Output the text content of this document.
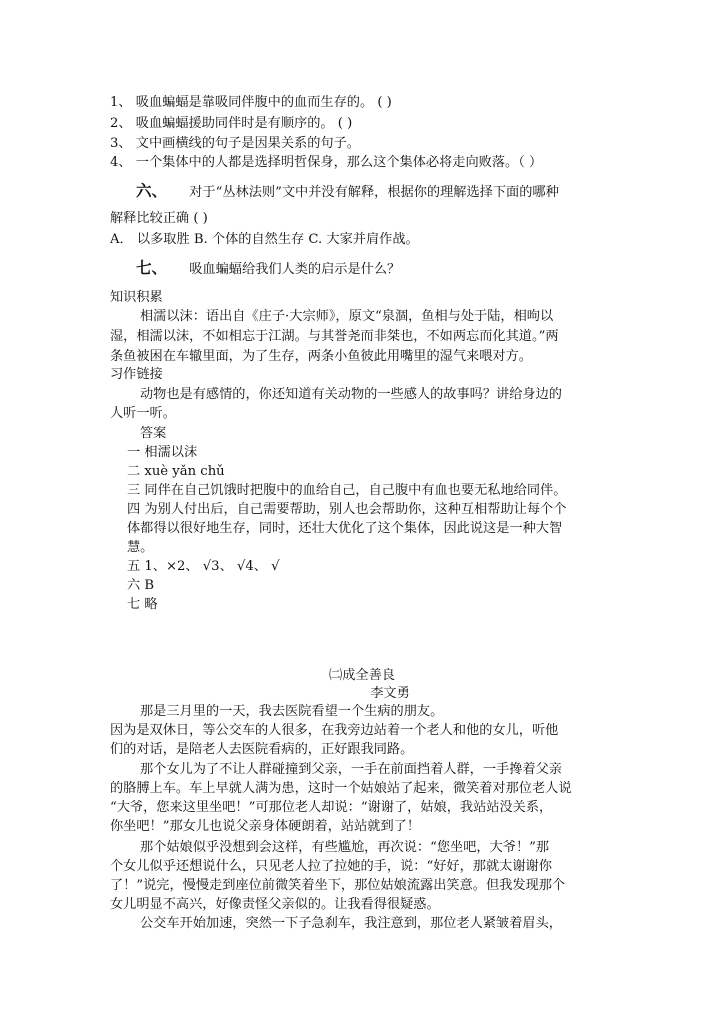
1、 吸血蝙蝠是靠吸同伴腹中的血而生存的。 ( )
2、 吸血蝙蝠援助同伴时是有顺序的。 ( )
3、 文中画横线的句子是因果关系的句子。
4、 一个集体中的人都是选择明哲保身，那么这个集体必将走向败落。（ ）
六、 对于“丛林法则”文中并没有解释，根据你的理解选择下面的哪种
解释比较正确 ( )
A． 以多取胜 B. 个体的自然生存 C. 大家并肩作战。
七、 吸血蝙蝠给我们人类的启示是什么？
知识积累
相濡以沫：语出自《庄子·大宗师》，原文“泉涸，鱼相与处于陆，相呴以
湿，相濡以沫，不如相忘于江湖。与其誉尧而非桀也，不如两忘而化其道。”两
条鱼被困在车辙里面，为了生存，两条小鱼彼此用嘴里的湿气来喂对方。
习作链接
动物也是有感情的，你还知道有关动物的一些感人的故事吗？讲给身边的
人听一听。
答案
一 相濡以沫
二 xuè yǎn chǔ
三 同伴在自己饥饿时把腹中的血给自己，自己腹中有血也要无私地给同伴。
四 为别人付出后，自己需要帮助，别人也会帮助你，这种互相帮助让每个个
体都得以很好地生存，同时，还壮大优化了这个集体，因此说这是一种大智
慧。
五 1、×2、 √3、 √4、 √
六 B
七 略
㈡成全善良
李文勇
那是三月里的一天，我去医院看望一个生病的朋友。
因为是双休日，等公交车的人很多，在我旁边站着一个老人和他的女儿，听他
们的对话，是陪老人去医院看病的，正好跟我同路。
那个女儿为了不让人群碰撞到父亲，一手在前面挡着人群，一手搀着父亲
的胳膊上车。车上早就人满为患，这时一个姑娘站了起来，微笑着对那位老人说
“大爷，您来这里坐吧！”可那位老人却说：“谢谢了，姑娘，我站站没关系，
你坐吧！”那女儿也说父亲身体硬朗着，站站就到了！
那个姑娘似乎没想到会这样，有些尴尬，再次说：“您坐吧，大爷！”那
个女儿似乎还想说什么，只见老人拉了拉她的手，说：“好好，那就太谢谢你
了！”说完，慢慢走到座位前微笑着坐下，那位姑娘流露出笑意。但我发现那个
女儿明显不高兴，好像责怪父亲似的。让我看得很疑惑。
公交车开始加速，突然一下子急刹车，我注意到，那位老人紧皱着眉头，
